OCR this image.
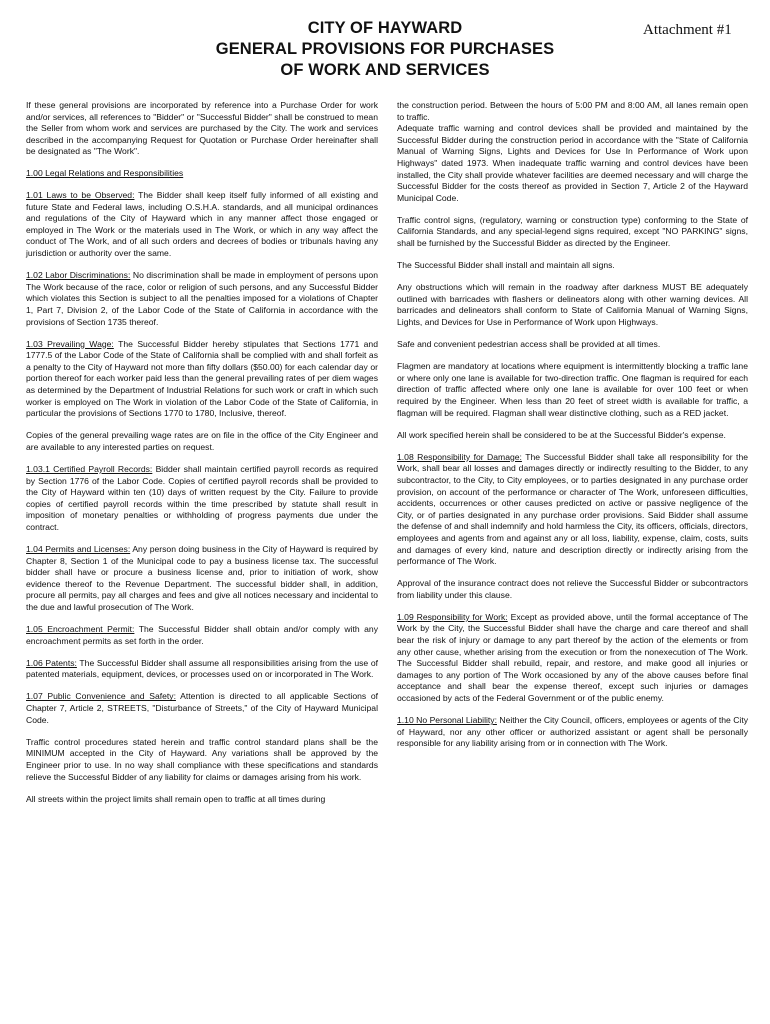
Attachment #1
CITY OF HAYWARD
GENERAL PROVISIONS FOR PURCHASES
OF WORK AND SERVICES

If these general provisions are incorporated by reference into a Purchase Order for work and/or services, all references to "Bidder" or "Successful Bidder" shall be construed to mean the Seller from whom work and services are purchased by the City. The work and services described in the accompanying Request for Quotation or Purchase Order hereinafter shall be designated as "The Work".

1.00 Legal Relations and Responsibilities

1.01 Laws to be Observed: The Bidder shall keep itself fully informed of all existing and future State and Federal laws, including O.S.H.A. standards, and all municipal ordinances and regulations of the City of Hayward which in any manner affect those engaged or employed in The Work or the materials used in The Work, or which in any way affect the conduct of The Work, and of all such orders and decrees of bodies or tribunals having any jurisdiction or authority over the same.

1.02 Labor Discriminations: No discrimination shall be made in employment of persons upon The Work because of the race, color or religion of such persons, and any Successful Bidder which violates this Section is subject to all the penalties imposed for a violations of Chapter 1, Part 7, Division 2, of the Labor Code of the State of California in accordance with the provisions of Section 1735 thereof.

1.03 Prevailing Wage: The Successful Bidder hereby stipulates that Sections 1771 and 1777.5 of the Labor Code of the State of California shall be complied with and shall forfeit as a penalty to the City of Hayward not more than fifty dollars ($50.00) for each calendar day or portion thereof for each worker paid less than the general prevailing rates of per diem wages as determined by the Department of Industrial Relations for such work or craft in which such worker is employed on The Work in violation of the Labor Code of the State of California, in particular the provisions of Sections 1770 to 1780, Inclusive, thereof.

Copies of the general prevailing wage rates are on file in the office of the City Engineer and are available to any interested parties on request.

1.03.1 Certified Payroll Records: Bidder shall maintain certified payroll records as required by Section 1776 of the Labor Code. Copies of certified payroll records shall be provided to the City of Hayward within ten (10) days of written request by the City. Failure to provide copies of certified payroll records within the time prescribed by statute shall result in imposition of monetary penalties or withholding of progress payments due under the contract.

1.04 Permits and Licenses: Any person doing business in the City of Hayward is required by Chapter 8, Section 1 of the Municipal code to pay a business license tax. The successful bidder shall have or procure a business license and, prior to initiation of work, show evidence thereof to the Revenue Department. The successful bidder shall, in addition, procure all permits, pay all charges and fees and give all notices necessary and incidental to the due and lawful prosecution of The Work.

1.05 Encroachment Permit: The Successful Bidder shall obtain and/or comply with any encroachment permits as set forth in the order.

1.06 Patents: The Successful Bidder shall assume all responsibilities arising from the use of patented materials, equipment, devices, or processes used on or incorporated in The Work.

1.07 Public Convenience and Safety: Attention is directed to all applicable Sections of Chapter 7, Article 2, STREETS, "Disturbance of Streets," of the City of Hayward Municipal Code.

Traffic control procedures stated herein and traffic control standard plans shall be the MINIMUM accepted in the City of Hayward. Any variations shall be approved by the Engineer prior to use. In no way shall compliance with these specifications and standards relieve the Successful Bidder of any liability for claims or damages arising from his work.

All streets within the project limits shall remain open to traffic at all times during

the construction period. Between the hours of 5:00 PM and 8:00 AM, all lanes remain open to traffic.

Adequate traffic warning and control devices shall be provided and maintained by the Successful Bidder during the construction period in accordance with the "State of California Manual of Warning Signs, Lights and Devices for Use In Performance of Work upon Highways" dated 1973. When inadequate traffic warning and control devices have been installed, the City shall provide whatever facilities are deemed necessary and will charge the Successful Bidder for the costs thereof as provided in Section 7, Article 2 of the Hayward Municipal Code.

Traffic control signs, (regulatory, warning or construction type) conforming to the State of California Standards, and any special-legend signs required, except "NO PARKING" signs, shall be furnished by the Successful Bidder as directed by the Engineer.

The Successful Bidder shall install and maintain all signs.

Any obstructions which will remain in the roadway after darkness MUST BE adequately outlined with barricades with flashers or delineators along with other warning devices. All barricades and delineators shall conform to State of California Manual of Warning Signs, Lights, and Devices for Use in Performance of Work upon Highways.

Safe and convenient pedestrian access shall be provided at all times.

Flagmen are mandatory at locations where equipment is intermittently blocking a traffic lane or where only one lane is available for two-direction traffic. One flagman is required for each direction of traffic affected where only one lane is available for over 100 feet or when required by the Engineer. When less than 20 feet of street width is available for traffic, a flagman will be required. Flagman shall wear distinctive clothing, such as a RED jacket.

All work specified herein shall be considered to be at the Successful Bidder's expense.

1.08 Responsibility for Damage: The Successful Bidder shall take all responsibility for the Work, shall bear all losses and damages directly or indirectly resulting to the Bidder, to any subcontractor, to the City, to City employees, or to parties designated in any purchase order provision, on account of the performance or character of The Work, unforeseen difficulties, accidents, occurrences or other causes predicted on active or passive negligence of the City, or of parties designated in any purchase order provisions. Said Bidder shall assume the defense of and shall indemnify and hold harmless the City, its officers, officials, directors, employees and agents from and against any or all loss, liability, expense, claim, costs, suits and damages of every kind, nature and description directly or indirectly arising from the performance of The Work.

Approval of the insurance contract does not relieve the Successful Bidder or subcontractors from liability under this clause.

1.09 Responsibility for Work: Except as provided above, until the formal acceptance of The Work by the City, the Successful Bidder shall have the charge and care thereof and shall bear the risk of injury or damage to any part thereof by the action of the elements or from any other cause, whether arising from the execution or from the nonexecution of The Work. The Successful Bidder shall rebuild, repair, and restore, and make good all injuries or damages to any portion of The Work occasioned by any of the above causes before final acceptance and shall bear the expense thereof, except such injuries or damages occasioned by acts of the Federal Government or of the public enemy.

1.10 No Personal Liability: Neither the City Council, officers, employees or agents of the City of Hayward, nor any other officer or authorized assistant or agent shall be personally responsible for any liability arising from or in connection with The Work.
